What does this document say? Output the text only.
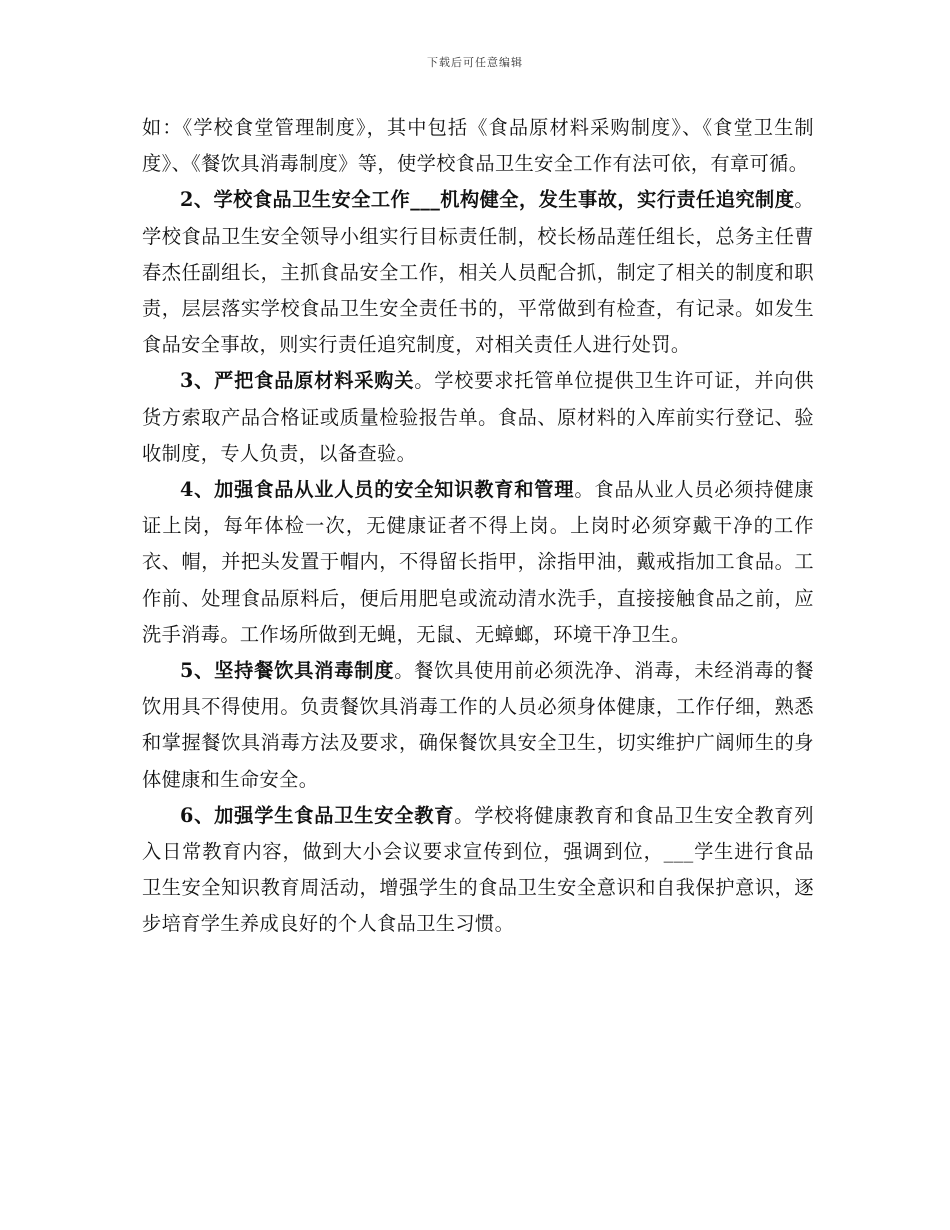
下载后可任意编辑

如：《学校食堂管理制度》，其中包括《食品原材料采购制度》、《食堂卫生制度》、《餐饮具消毒制度》等，使学校食品卫生安全工作有法可依，有章可循。

2、学校食品卫生安全工作___机构健全，发生事故，实行责任追究制度。学校食品卫生安全领导小组实行目标责任制，校长杨品莲任组长，总务主任曹春杰任副组长，主抓食品安全工作，相关人员配合抓，制定了相关的制度和职责，层层落实学校食品卫生安全责任书的，平常做到有检查，有记录。如发生食品安全事故，则实行责任追究制度，对相关责任人进行处罚。

3、严把食品原材料采购关。学校要求托管单位提供卫生许可证，并向供货方索取产品合格证或质量检验报告单。食品、原材料的入库前实行登记、验收制度，专人负责，以备查验。

4、加强食品从业人员的安全知识教育和管理。食品从业人员必须持健康证上岗，每年体检一次，无健康证者不得上岗。上岗时必须穿戴干净的工作衣、帽，并把头发置于帽内，不得留长指甲，涂指甲油，戴戒指加工食品。工作前、处理食品原料后，便后用肥皂或流动清水洗手，直接接触食品之前，应洗手消毒。工作场所做到无蝇，无鼠、无蟑螂，环境干净卫生。

5、坚持餐饮具消毒制度。餐饮具使用前必须洗净、消毒，未经消毒的餐饮用具不得使用。负责餐饮具消毒工作的人员必须身体健康，工作仔细，熟悉和掌握餐饮具消毒方法及要求，确保餐饮具安全卫生，切实维护广阔师生的身体健康和生命安全。

6、加强学生食品卫生安全教育。学校将健康教育和食品卫生安全教育列入日常教育内容，做到大小会议要求宣传到位，强调到位，___学生进行食品卫生安全知识教育周活动，增强学生的食品卫生安全意识和自我保护意识，逐步培育学生养成良好的个人食品卫生习惯。
